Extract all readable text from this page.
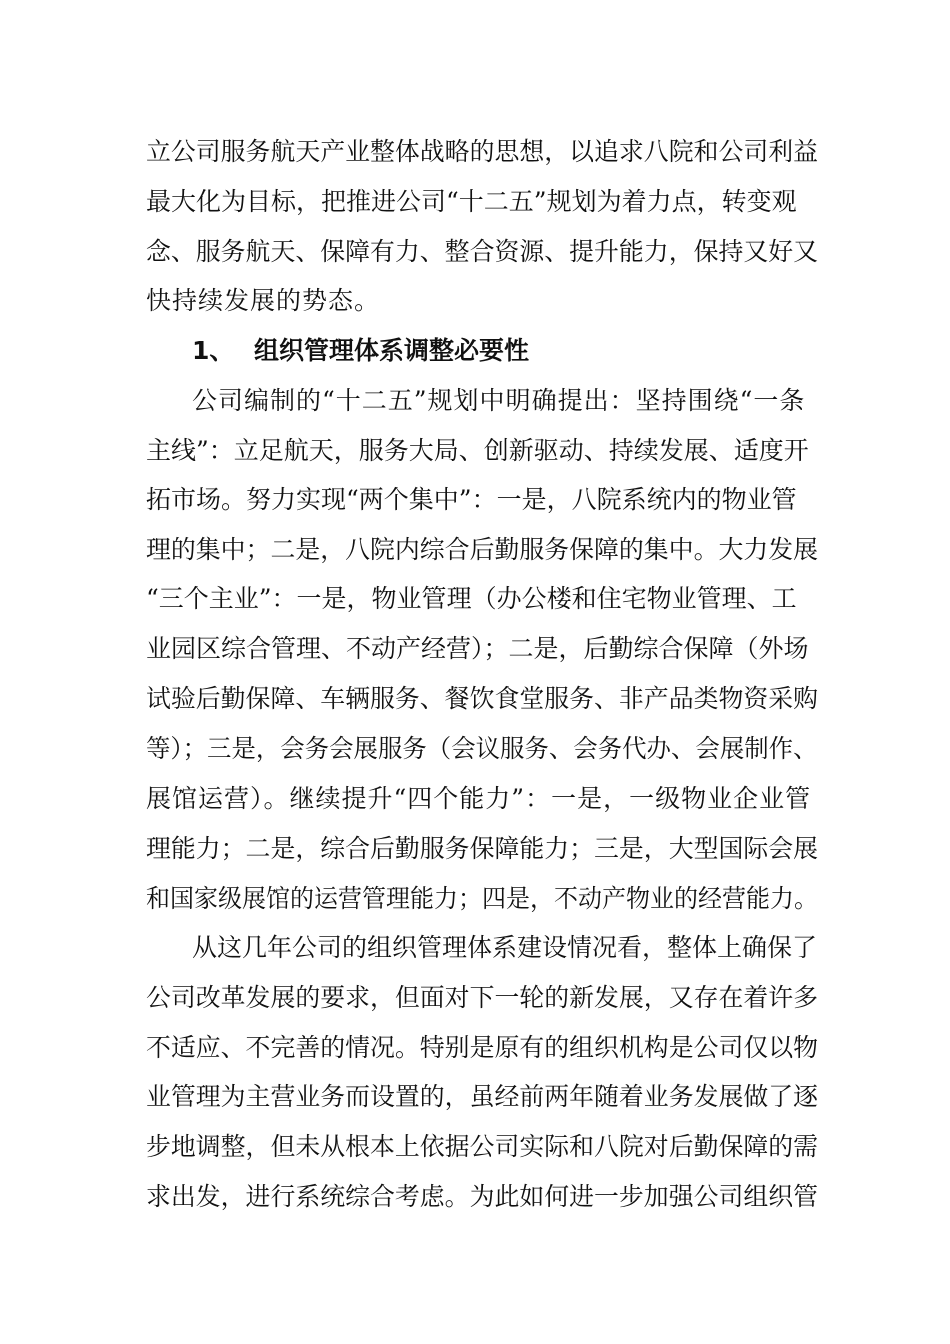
立公司服务航天产业整体战略的思想，以追求八院和公司利益
最大化为目标，把推进公司“十二五”规划为着力点，转变观
念、服务航天、保障有力、整合资源、提升能力，保持又好又
快持续发展的势态。
1、 组织管理体系调整必要性
公司编制的“十二五”规划中明确提出：坚持围绕“一条
主线”：立足航天，服务大局、创新驱动、持续发展、适度开
拓市场。努力实现“两个集中”：一是，八院系统内的物业管
理的集中；二是，八院内综合后勤服务保障的集中。大力发展
“三个主业”：一是，物业管理（办公楼和住宅物业管理、工
业园区综合管理、不动产经营）；二是，后勤综合保障（外场
试验后勤保障、车辆服务、餐饮食堂服务、非产品类物资采购
等）；三是，会务会展服务（会议服务、会务代办、会展制作、
展馆运营）。继续提升“四个能力”：一是，一级物业企业管
理能力；二是，综合后勤服务保障能力；三是，大型国际会展
和国家级展馆的运营管理能力；四是，不动产物业的经营能力。
从这几年公司的组织管理体系建设情况看，整体上确保了
公司改革发展的要求，但面对下一轮的新发展，又存在着许多
不适应、不完善的情况。特别是原有的组织机构是公司仅以物
业管理为主营业务而设置的，虽经前两年随着业务发展做了逐
步地调整，但未从根本上依据公司实际和八院对后勤保障的需
求出发，进行系统综合考虑。为此如何进一步加强公司组织管
